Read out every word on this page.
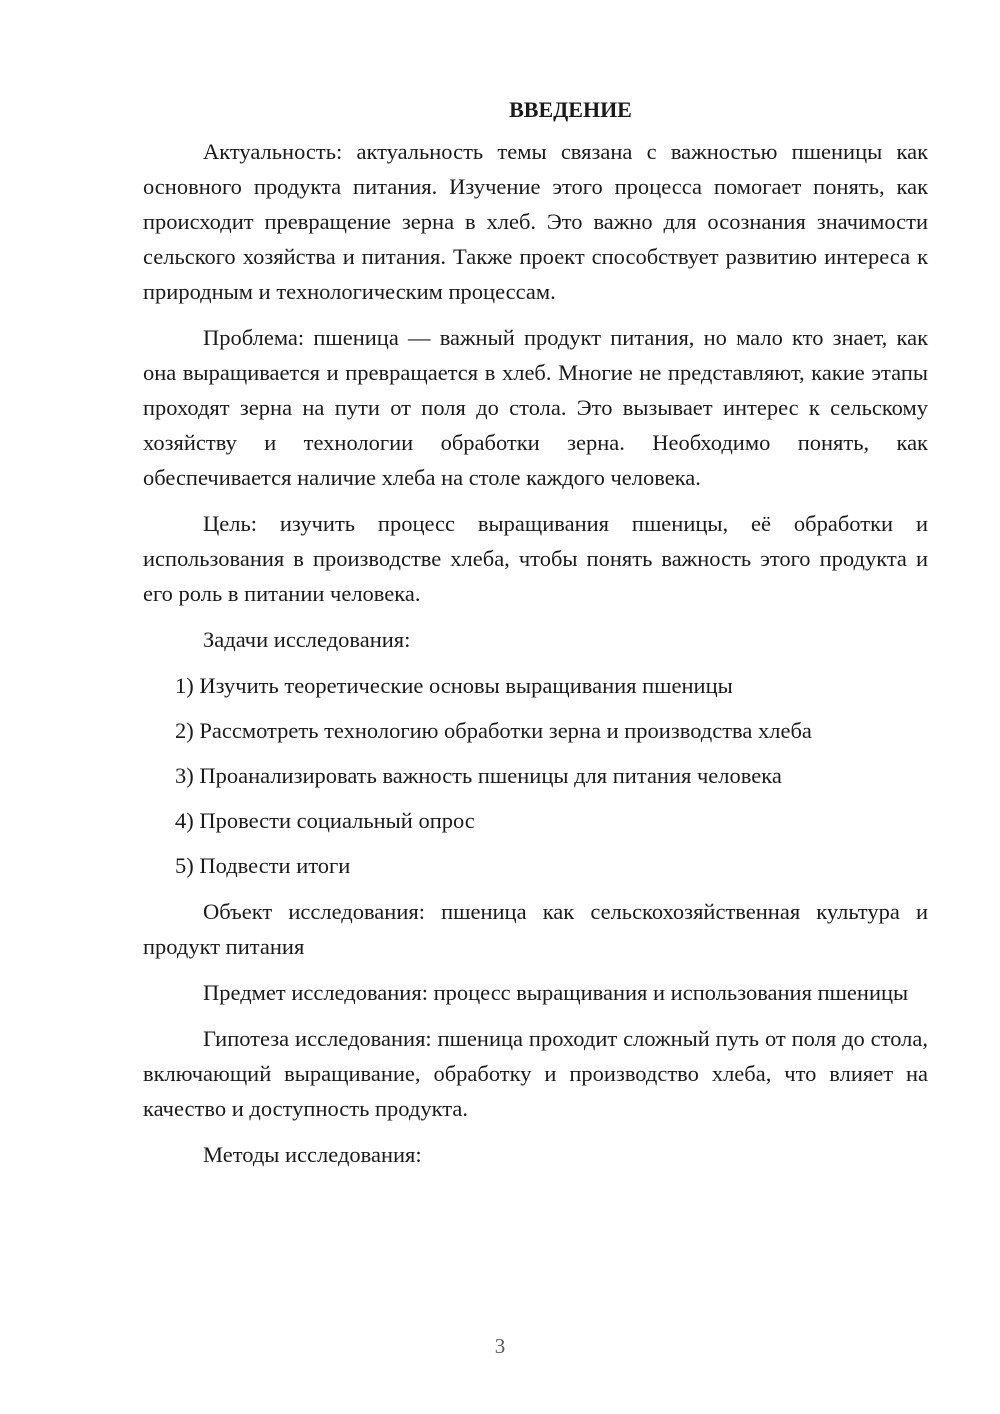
ВВЕДЕНИЕ

Актуальность: актуальность темы связана с важностью пшеницы как основного продукта питания. Изучение этого процесса помогает понять, как происходит превращение зерна в хлеб. Это важно для осознания значимости сельского хозяйства и питания. Также проект способствует развитию интереса к природным и технологическим процессам.

Проблема: пшеница — важный продукт питания, но мало кто знает, как она выращивается и превращается в хлеб. Многие не представляют, какие этапы проходят зерна на пути от поля до стола. Это вызывает интерес к сельскому хозяйству и технологии обработки зерна. Необходимо понять, как обеспечивается наличие хлеба на столе каждого человека.

Цель: изучить процесс выращивания пшеницы, её обработки и использования в производстве хлеба, чтобы понять важность этого продукта и его роль в питании человека.

Задачи исследования:

1) Изучить теоретические основы выращивания пшеницы
2) Рассмотреть технологию обработки зерна и производства хлеба
3) Проанализировать важность пшеницы для питания человека
4) Провести социальный опрос
5) Подвести итоги

Объект исследования: пшеница как сельскохозяйственная культура и продукт питания

Предмет исследования: процесс выращивания и использования пшеницы

Гипотеза исследования: пшеница проходит сложный путь от поля до стола, включающий выращивание, обработку и производство хлеба, что влияет на качество и доступность продукта.

Методы исследования:

3
